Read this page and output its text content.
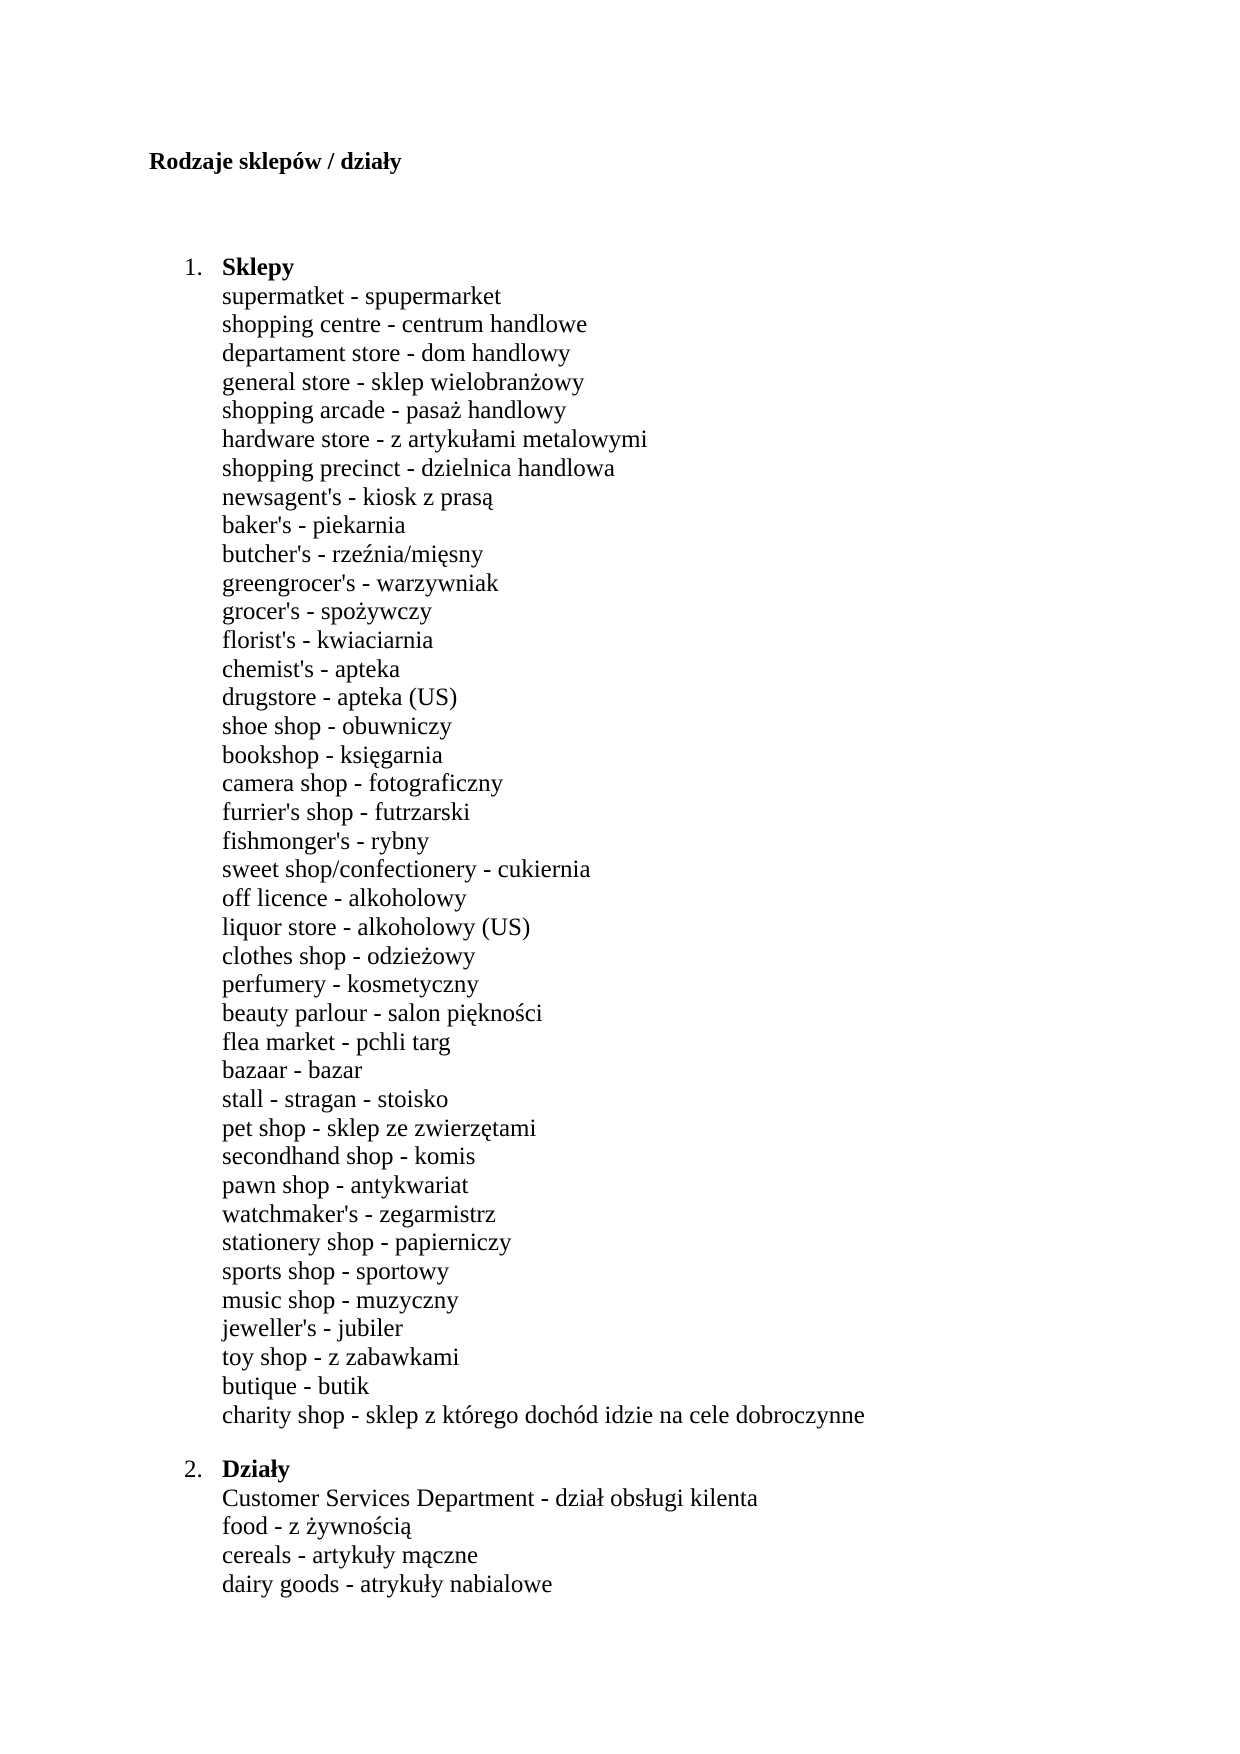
Rodzaje sklepów / działy
1. Sklepy
supermatket - spupermarket
shopping centre - centrum handlowe
departament store - dom handlowy
general store - sklep wielobranżowy
shopping arcade - pasaż handlowy
hardware store - z artykułami metalowymi
shopping precinct - dzielnica handlowa
newsagent's - kiosk z prasą
baker's - piekarnia
butcher's - rzeźnia/mięsny
greengrocer's - warzywniak
grocer's - spożywczy
florist's - kwiaciarnia
chemist's - apteka
drugstore - apteka (US)
shoe shop - obuwniczy
bookshop - księgarnia
camera shop - fotograficzny
furrier's shop - futrzarski
fishmonger's - rybny
sweet shop/confectionery - cukiernia
off licence - alkoholowy
liquor store - alkoholowy (US)
clothes shop - odzieżowy
perfumery - kosmetyczny
beauty parlour - salon piękności
flea market - pchli targ
bazaar - bazar
stall - stragan - stoisko
pet shop - sklep ze zwierzętami
secondhand shop - komis
pawn shop - antykwariat
watchmaker's - zegarmistrz
stationery shop - papierniczy
sports shop - sportowy
music shop - muzyczny
jeweller's - jubiler
toy shop - z zabawkami
butique - butik
charity shop - sklep z którego dochód idzie na cele dobroczynne
2. Działy
Customer Services Department - dział obsługi kilenta
food - z żywnością
cereals - artykuły mączne
dairy goods - atrykuły nabialowe
